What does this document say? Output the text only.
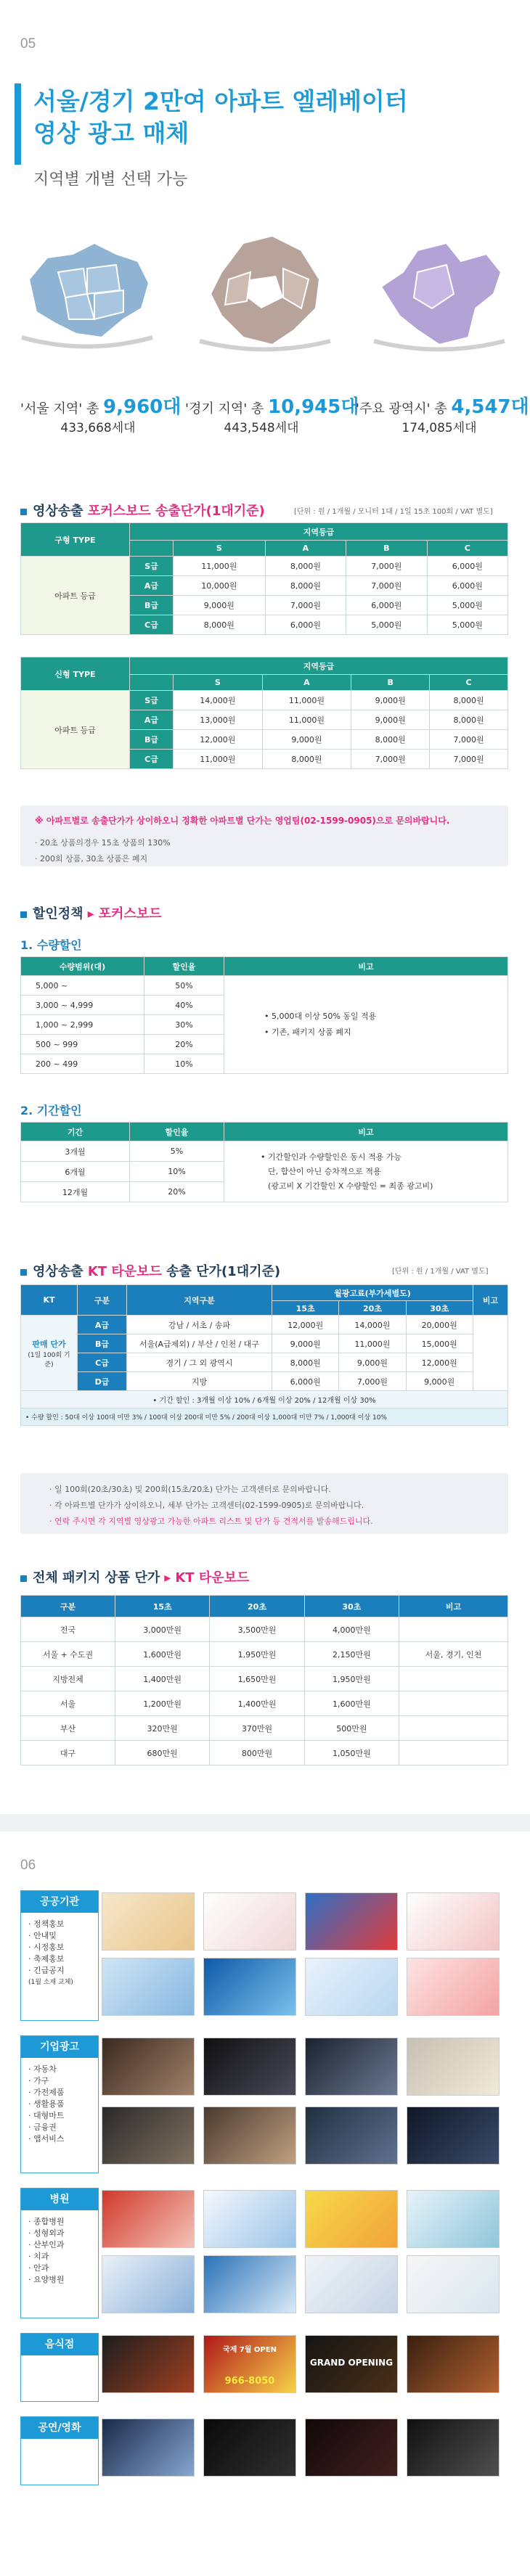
05
서울/경기 2만여 아파트 엘레베이터
영상 광고 매체
지역별 개별 선택 가능
'서울 지역' 총 9,960대
433,668세대
'경기 지역' 총 10,945대
443,548세대
'주요 광역시' 총 4,547대
174,085세대
영상송출 포커스보드 송출단가(1대기준)	[단위 : 원 / 1개월 / 모니터 1대 / 1일 15초 100회 / VAT 별도]
구형 TYPE	지역등급				
		S	A	B	C
아파트 등급	S급	11,000원	8,000원	7,000원	6,000원
	A급	10,000원	8,000원	7,000원	6,000원
	B급	9,000원	7,000원	6,000원	5,000원
	C급	8,000원	6,000원	5,000원	5,000원
신형 TYPE	지역등급				
		S	A	B	C
아파트 등급	S급	14,000원	11,000원	9,000원	8,000원
	A급	13,000원	11,000원	9,000원	8,000원
	B급	12,000원	9,000원	8,000원	7,000원
	C급	11,000원	8,000원	7,000원	7,000원
※ 아파트별로 송출단가가 상이하오니 정확한 아파트별 단가는 영업팀(02-1599-0905)으로 문의바랍니다.
· 20초 상품의경우 15초 상품의 130%
· 200회 상품, 30초 상품은 폐지
할인정책 ▸ 포커스보드
1. 수량할인
수량범위(대)	할인율	비고
5,000 ~	50%	• 5,000대 이상 50% 동일 적용
• 기존, 패키지 상품 폐지

3,000 ~ 4,999	40%	
1,000 ~ 2,999	30%	
500 ~ 999	20%	
200 ~ 499	10%	
2. 기간할인
기간	할인율	비고
3개월	5%	• 기간할인과 수량할인은 동시 적용 가능
단, 합산이 아닌 승차적으로 적용
(광고비 X 기간할인 X 수량할인 = 최종 광고비)

6개월	10%	
12개월	20%	
영상송출 KT 타운보드 송출 단가(1대기준)	[단위 : 원 / 1개월 / VAT 별도]
KT	구분	지역구분	월광고료(부가세별도)			비고
			15초	20초	30초	

판매 단가
(1일 100회 기준)	A급	강남 / 서초 / 송파	12,000원	14,000원	20,000원	
	B급	서울(A급제외) / 부산 / 인천 / 대구	9,000원	11,000원	15,000원	
	C급	경기 / 그 외 광역시	8,000원	9,000원	12,000원	
	D급	지방	6,000원	7,000원	9,000원	
• 기간 할인 : 3개월 이상 10% / 6개월 이상 20% / 12개월 이상 30%						
• 수량 할인 : 50대 이상 100대 미만 3% / 100대 이상 200대 미만 5% / 200대 이상 1,000대 미만 7% / 1,000대 이상 10%						
· 일 100회(20초/30초) 및 200회(15초/20초) 단가는 고객센터로 문의바랍니다.
· 각 아파트별 단가가 상이하오니, 세부 단가는 고객센터(02-1599-0905)로 문의바랍니다.
· 연락 주시면 각 지역별 영상광고 가능한 아파트 리스트 및 단가 등 견적서를 발송해드립니다.
전체 패키지 상품 단가 ▸ KT 타운보드
구분	15초	20초	30초	비고
전국	3,000만원	3,500만원	4,000만원	
서울 + 수도권	1,600만원	1,950만원	2,150만원	서울, 경기, 인천
지방전체	1,400만원	1,650만원	1,950만원	
서울	1,200만원	1,400만원	1,600만원	
부산	320만원	370만원	500만원	
대구	680만원	800만원	1,050만원	
06
공공기관
· 정책홍보
· 안내및
· 시정홍보
· 축제홍보
· 긴급공지
(1월 소재 교체)
기업광고
· 자동차
· 가구
· 가전제품
· 생활용품
· 대형마트
· 금융권
· 앱서비스
병원
· 종합병원
· 성형외과
· 산부인과
· 치과
· 안과
· 요양병원
음식점	국제 7월 OPEN
966-8050
GRAND OPENING
공연/영화
